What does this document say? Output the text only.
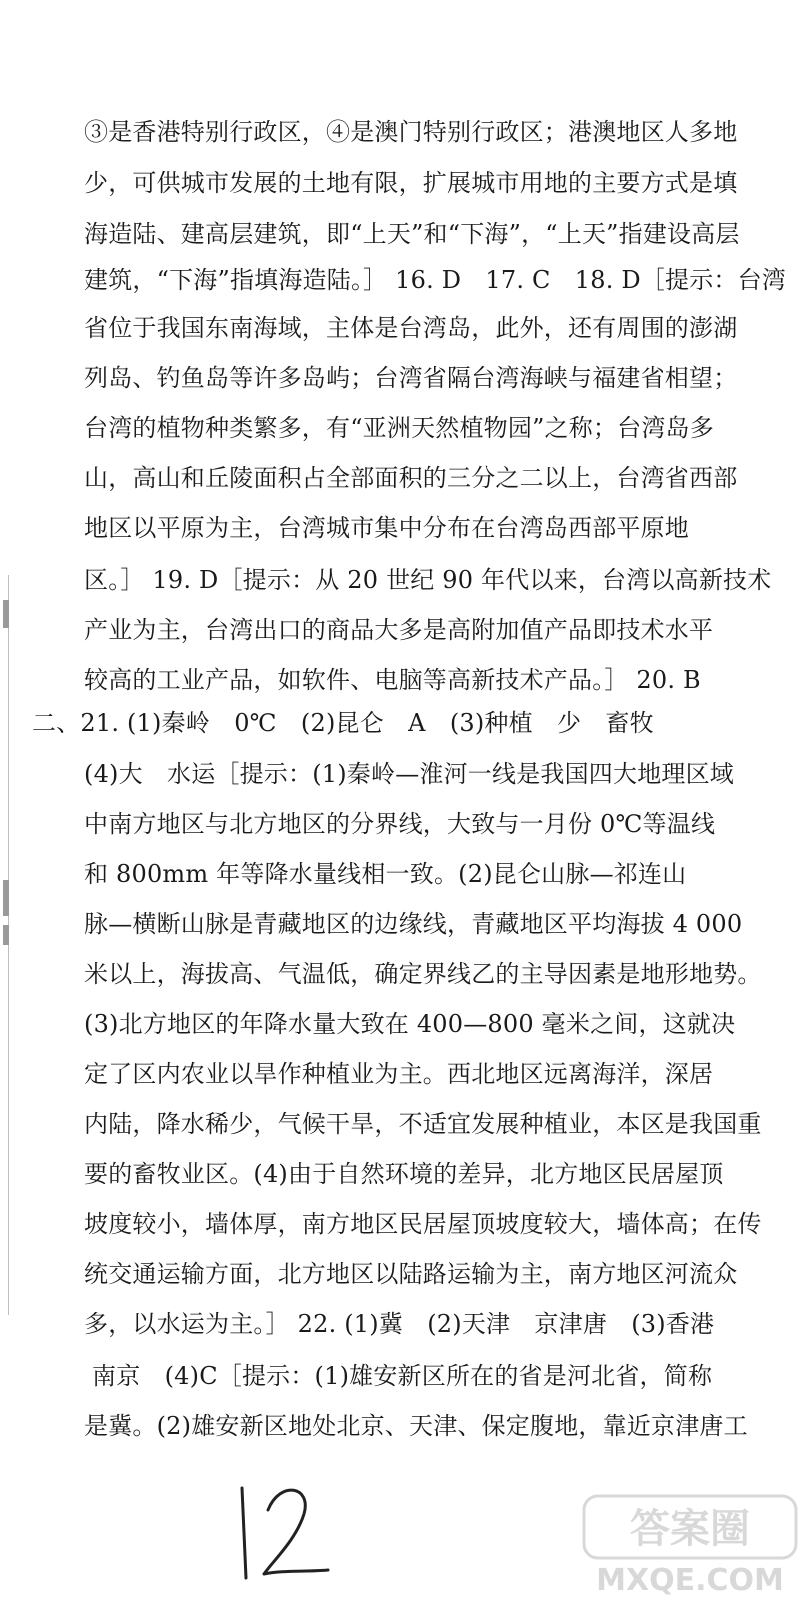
③是香港特别行政区，④是澳门特别行政区；港澳地区人多地
少，可供城市发展的土地有限，扩展城市用地的主要方式是填
海造陆、建高层建筑，即“上天”和“下海”，“上天”指建设高层
建筑，“下海”指填海造陆。］ 16. D　17. C　18. D［提示：台湾
省位于我国东南海域，主体是台湾岛，此外，还有周围的澎湖
列岛、钓鱼岛等许多岛屿；台湾省隔台湾海峡与福建省相望；
台湾的植物种类繁多，有“亚洲天然植物园”之称；台湾岛多
山，高山和丘陵面积占全部面积的三分之二以上，台湾省西部
地区以平原为主，台湾城市集中分布在台湾岛西部平原地
区。］ 19. D［提示：从 20 世纪 90 年代以来，台湾以高新技术
产业为主，台湾出口的商品大多是高附加值产品即技术水平
较高的工业产品，如软件、电脑等高新技术产品。］ 20. B
二、21. (1)秦岭　0℃　(2)昆仑　A　(3)种植　少　畜牧
(4)大　水运［提示：(1)秦岭—淮河一线是我国四大地理区域
中南方地区与北方地区的分界线，大致与一月份 0℃等温线
和 800mm 年等降水量线相一致。(2)昆仑山脉—祁连山
脉—横断山脉是青藏地区的边缘线，青藏地区平均海拔 4 000
米以上，海拔高、气温低，确定界线乙的主导因素是地形地势。
(3)北方地区的年降水量大致在 400—800 毫米之间，这就决
定了区内农业以旱作种植业为主。西北地区远离海洋，深居
内陆，降水稀少，气候干旱，不适宜发展种植业，本区是我国重
要的畜牧业区。(4)由于自然环境的差异，北方地区民居屋顶
坡度较小，墙体厚，南方地区民居屋顶坡度较大，墙体高；在传
统交通运输方面，北方地区以陆路运输为主，南方地区河流众
多，以水运为主。］ 22. (1)冀　(2)天津　京津唐　(3)香港
南京　(4)C［提示：(1)雄安新区所在的省是河北省，简称
是冀。(2)雄安新区地处北京、天津、保定腹地，靠近京津唐工
答案圈
MXQE.COM
